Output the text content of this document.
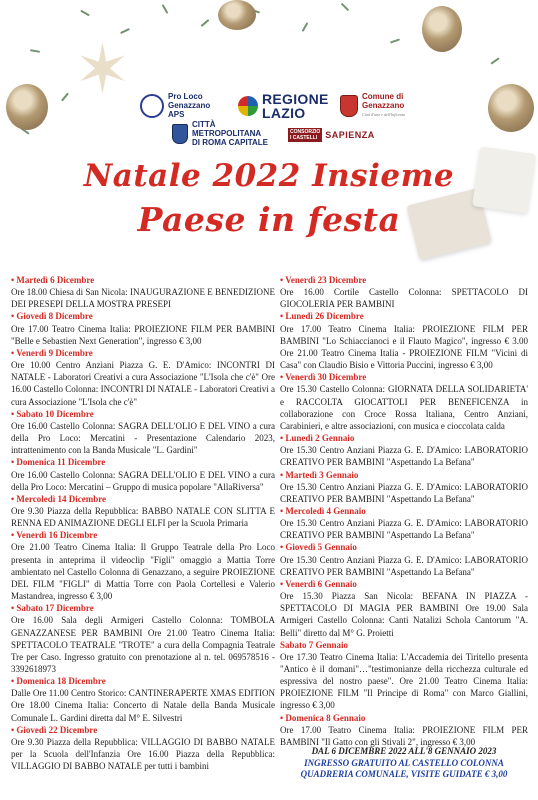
✶	Pro Loco
Genazzano
APS
REGIONE
LAZIO
Comune di
Genazzano
Città d'arte e dell'Infiorata
CITTÀ
METROPOLITANA
DI ROMA CAPITALE
CONSORZIO
I CASTELLI SAPIENZA
Natale 2022 Insieme
Paese in festa
• Martedì 6 Dicembre

Ore 18.00 Chiesa di San Nicola: INAUGURAZIONE E BENEDIZIONE DEI PRESEPI DELLA MOSTRA PRESEPI

• Giovedì 8 Dicembre

Ore 17.00 Teatro Cinema Italia: PROIEZIONE FILM PER BAMBINI "Belle e Sebastien Next Generation", ingresso € 3,00

• Venerdì 9 Dicembre

Ore 10.00 Centro Anziani Piazza G. E. D'Amico: INCONTRI DI NATALE - Laboratori Creativi a cura Associazione "L'Isola che c'è" Ore 16.00 Castello Colonna: INCONTRI DI NATALE - Laboratori Creativi a cura Associazione "L'Isola che c'è"

• Sabato 10 Dicembre

Ore 16.00 Castello Colonna: SAGRA DELL'OLIO E DEL VINO a cura della Pro Loco: Mercatini - Presentazione Calendario 2023, intrattenimento con la Banda Musicale "L. Gardini"

• Domenica 11 Dicembre

Ore 16.00 Castello Colonna: SAGRA DELL'OLIO E DEL VINO a cura della Pro Loco: Mercatini – Gruppo di musica popolare "AllaRiversa"

• Mercoledì 14 Dicembre

Ore 9.30 Piazza della Repubblica: BABBO NATALE CON SLITTA E RENNA ED ANIMAZIONE DEGLI ELFI per la Scuola Primaria

• Venerdì 16 Dicembre

Ore 21.00 Teatro Cinema Italia: Il Gruppo Teatrale della Pro Loco presenta in anteprima il videoclip "Figli" omaggio a Mattia Torre ambientato nel Castello Colonna di Genazzano, a seguire PROIEZIONE DEL FILM "FIGLI" di Mattia Torre con Paola Cortellesi e Valerio Mastandrea, ingresso € 3,00

• Sabato 17 Dicembre

Ore 16.00 Sala degli Armigeri Castello Colonna: TOMBOLA GENAZZANESE PER BAMBINI Ore 21.00 Teatro Cinema Italia: SPETTACOLO TEATRALE "TROTE" a cura della Compagnia Teatrale Tre per Caso. Ingresso gratuito con prenotazione al n. tel. 069578516 - 3392618973

• Domenica 18 Dicembre

Dalle Ore 11.00 Centro Storico: CANTINERAPERTE XMAS EDITION Ore 18.00 Cinema Italia: Concerto di Natale della Banda Musicale Comunale L. Gardini diretta dal M° E. Silvestri

• Giovedì 22 Dicembre

Ore 9.30 Piazza della Repubblica: VILLAGGIO DI BABBO NATALE per la Scuola dell'Infanzia Ore 16.00 Piazza della Repubblica: VILLAGGIO DI BABBO NATALE per tutti i bambini

• Venerdì 23 Dicembre

Ore 16.00 Cortile Castello Colonna: SPETTACOLO DI GIOCOLERIA PER BAMBINI

• Lunedì 26 Dicembre

Ore 17.00 Teatro Cinema Italia: PROIEZIONE FILM PER BAMBINI "Lo Schiaccianoci e il Flauto Magico", ingresso € 3.00 Ore 21.00 Teatro Cinema Italia - PROIEZIONE FILM "Vicini di Casa" con Claudio Bisio e Vittoria Puccini, ingresso € 3,00

• Venerdì 30 Dicembre

Ore 15.30 Castello Colonna: GIORNATA DELLA SOLIDARIETA' e RACCOLTA GIOCATTOLI PER BENEFICENZA in collaborazione con Croce Rossa Italiana, Centro Anziani, Carabinieri, e altre associazioni, con musica e cioccolata calda

• Lunedì 2 Gennaio

Ore 15.30 Centro Anziani Piazza G. E. D'Amico: LABORATORIO CREATIVO PER BAMBINI "Aspettando La Befana"

• Martedì 3 Gennaio

Ore 15.30 Centro Anziani Piazza G. E. D'Amico: LABORATORIO CREATIVO PER BAMBINI "Aspettando La Befana"

• Mercoledì 4 Gennaio

Ore 15.30 Centro Anziani Piazza G. E. D'Amico: LABORATORIO CREATIVO PER BAMBINI "Aspettando La Befana"

• Giovedì 5 Gennaio

Ore 15.30 Centro Anziani Piazza G. E. D'Amico: LABORATORIO CREATIVO PER BAMBINI "Aspettando La Befana"

• Venerdì 6 Gennaio

Ore 15.30 Piazza San Nicola: BEFANA IN PIAZZA - SPETTACOLO DI MAGIA PER BAMBINI Ore 19.00 Sala Armigeri Castello Colonna: Canti Natalizi Schola Cantorum "A. Belli" diretto dal M° G. Proietti

Sabato 7 Gennaio

Ore 17.30 Teatro Cinema Italia: L'Accademia dei Tiritello presenta "Antico è il domani"…"testimonianze della ricchezza culturale ed espressiva del nostro paese". Ore 21.00 Teatro Cinema Italia: PROIEZIONE FILM "Il Principe di Roma" con Marco Giallini, ingresso € 3,00

• Domenica 8 Gennaio

Ore 17.00 Teatro Cinema Italia: PROIEZIONE FILM PER BAMBINI "Il Gatto con gli Stivali 2", ingresso € 3,00

DAL 6 DICEMBRE 2022 ALL'8 GENNAIO 2023
INGRESSO GRATUITO AL CASTELLO COLONNA
QUADRERIA COMUNALE, VISITE GUIDATE € 3,00
